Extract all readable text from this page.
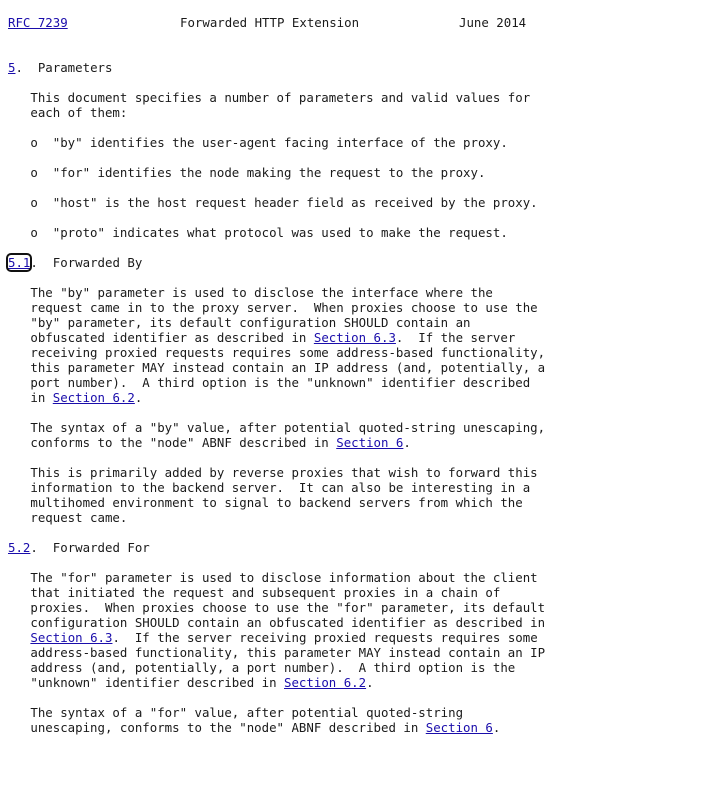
RFC 7239	Forwarded HTTP Extension	June 2014
5.  Parameters
This document specifies a number of parameters and valid values for
each of them:
o  "by" identifies the user-agent facing interface of the proxy.
o  "for" identifies the node making the request to the proxy.
o  "host" is the host request header field as received by the proxy.
o  "proto" indicates what protocol was used to make the request.
5.1.  Forwarded By
The "by" parameter is used to disclose the interface where the
request came in to the proxy server.  When proxies choose to use the
"by" parameter, its default configuration SHOULD contain an
obfuscated identifier as described in Section 6.3.  If the server
receiving proxied requests requires some address-based functionality,
this parameter MAY instead contain an IP address (and, potentially, a
port number).  A third option is the "unknown" identifier described
in Section 6.2.
The syntax of a "by" value, after potential quoted-string unescaping,
conforms to the "node" ABNF described in Section 6.
This is primarily added by reverse proxies that wish to forward this
information to the backend server.  It can also be interesting in a
multihomed environment to signal to backend servers from which the
request came.
5.2.  Forwarded For
The "for" parameter is used to disclose information about the client
that initiated the request and subsequent proxies in a chain of
proxies.  When proxies choose to use the "for" parameter, its default
configuration SHOULD contain an obfuscated identifier as described in
Section 6.3.  If the server receiving proxied requests requires some
address-based functionality, this parameter MAY instead contain an IP
address (and, potentially, a port number).  A third option is the
"unknown" identifier described in Section 6.2.
The syntax of a "for" value, after potential quoted-string
unescaping, conforms to the "node" ABNF described in Section 6.
